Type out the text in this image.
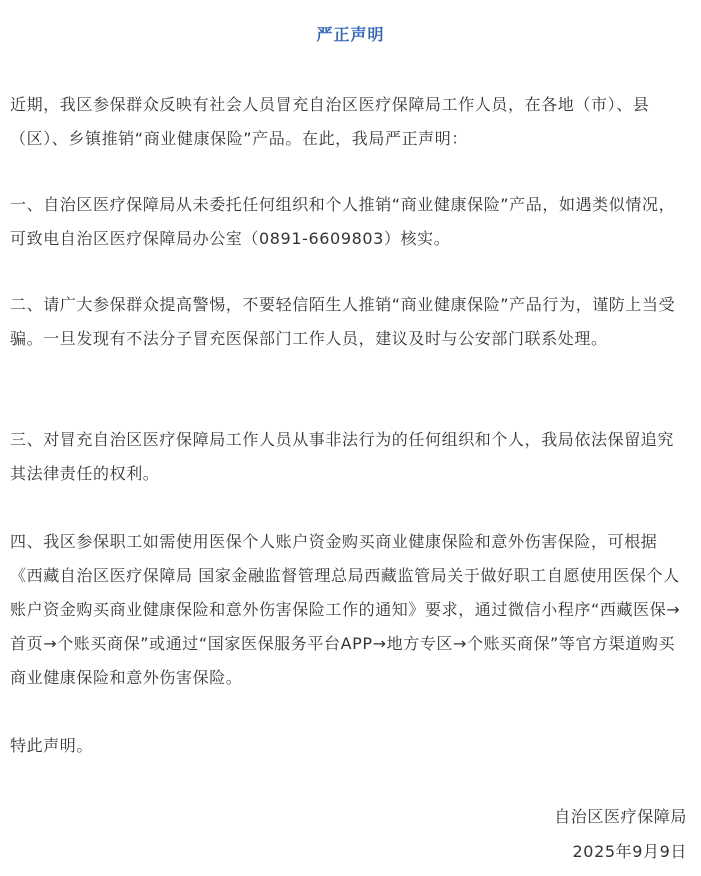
严正声明

近期，我区参保群众反映有社会人员冒充自治区医疗保障局工作人员，在各地（市）、县（区）、乡镇推销“商业健康保险”产品。在此，我局严正声明：

一、自治区医疗保障局从未委托任何组织和个人推销“商业健康保险”产品，如遇类似情况，可致电自治区医疗保障局办公室（0891-6609803）核实。

二、请广大参保群众提高警惕，不要轻信陌生人推销“商业健康保险”产品行为，谨防上当受骗。一旦发现有不法分子冒充医保部门工作人员，建议及时与公安部门联系处理。

三、对冒充自治区医疗保障局工作人员从事非法行为的任何组织和个人，我局依法保留追究其法律责任的权利。

四、我区参保职工如需使用医保个人账户资金购买商业健康保险和意外伤害保险，可根据《西藏自治区医疗保障局 国家金融监督管理总局西藏监管局关于做好职工自愿使用医保个人账户资金购买商业健康保险和意外伤害保险工作的通知》要求，通过微信小程序“西藏医保→首页→个账买商保”或通过“国家医保服务平台APP→地方专区→个账买商保”等官方渠道购买商业健康保险和意外伤害保险。

特此声明。

自治区医疗保障局
2025年9月9日
